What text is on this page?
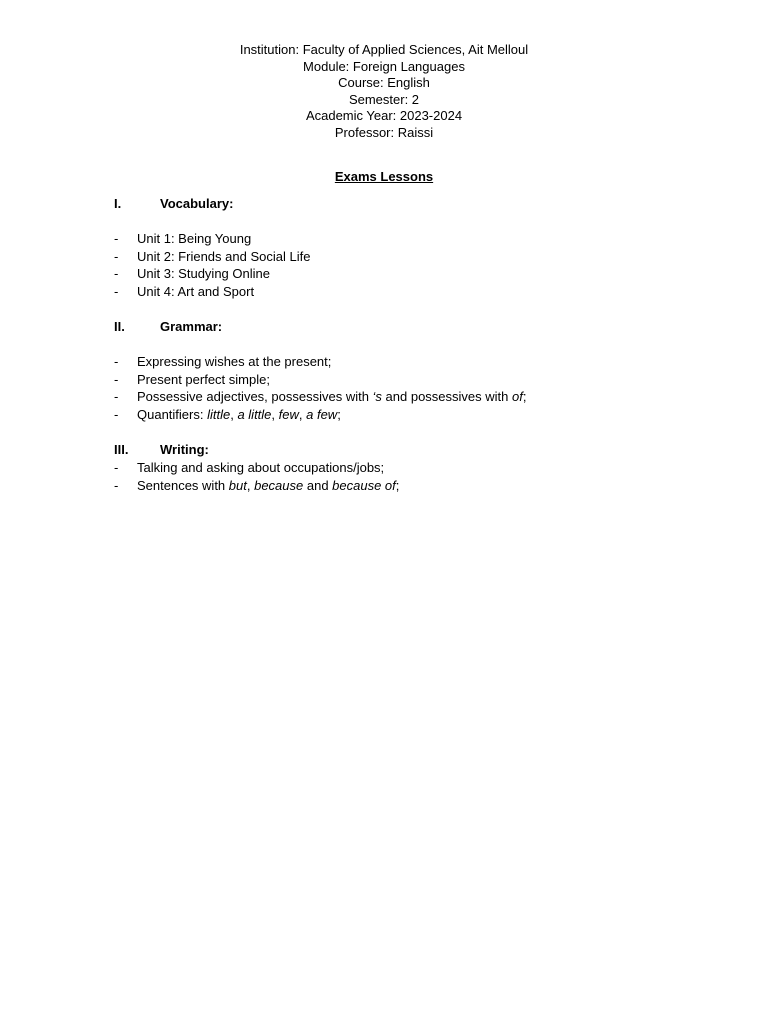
Institution: Faculty of Applied Sciences, Ait Melloul
Module: Foreign Languages
Course: English
Semester: 2
Academic Year: 2023-2024
Professor: Raissi
Exams Lessons
I.	Vocabulary:
- Unit 1: Being Young
- Unit 2: Friends and Social Life
- Unit 3: Studying Online
- Unit 4: Art and Sport
II.	Grammar:
- Expressing wishes at the present;
- Present perfect simple;
- Possessive adjectives, possessives with ‘s and possessives with of;
- Quantifiers: little, a little, few, a few;
III. Writing:
- Talking and asking about occupations/jobs;
- Sentences with but, because and because of;
